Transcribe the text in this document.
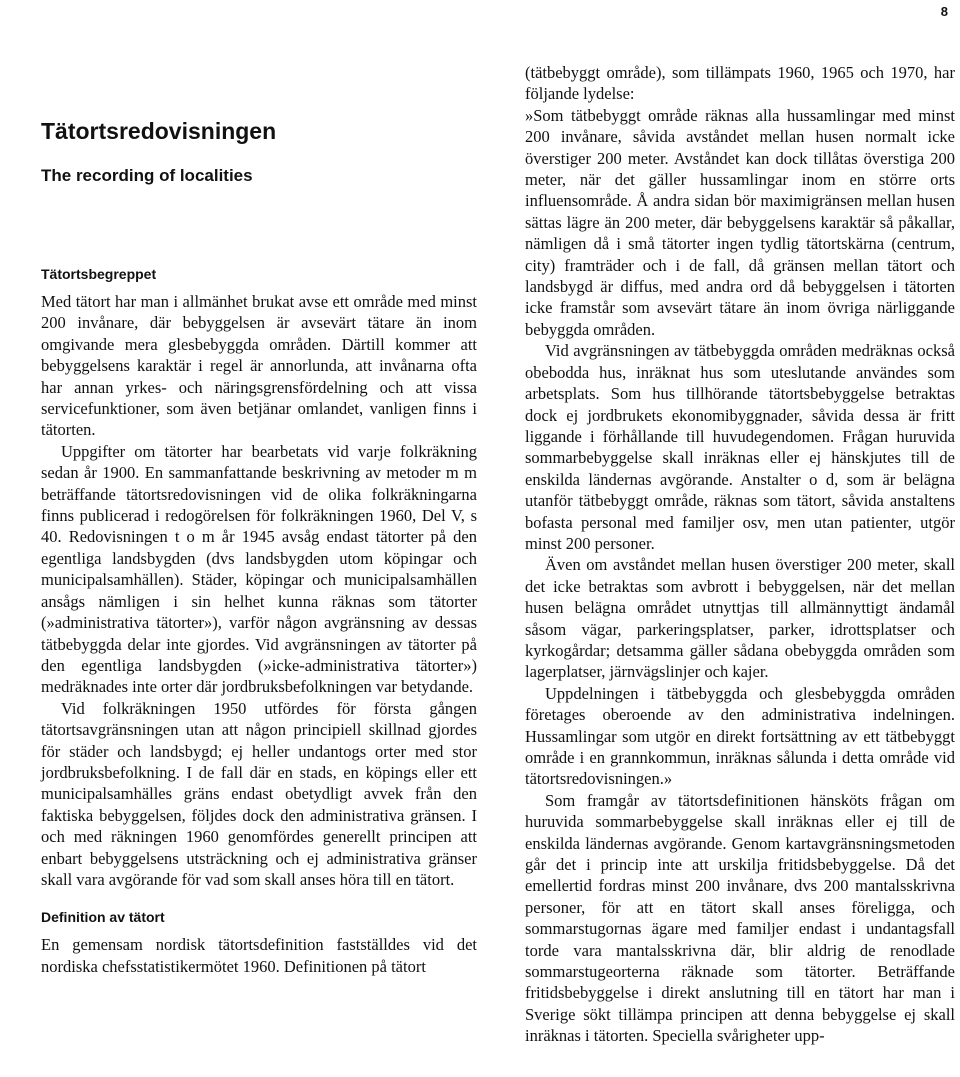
8
Tätortsredovisningen
The recording of localities
Tätortsbegreppet

Med tätort har man i allmänhet brukat avse ett område med minst 200 invånare, där bebyggelsen är avsevärt tätare än inom omgivande mera glesbebyggda områden. Därtill kommer att bebyggelsens karaktär i regel är annorlunda, att invånarna ofta har annan yrkes- och näringsgrensfördelning och att vissa servicefunktioner, som även betjänar omlandet, vanligen finns i tätorten.

Uppgifter om tätorter har bearbetats vid varje folkräkning sedan år 1900. En sammanfattande beskrivning av metoder m m beträffande tätortsredovisningen vid de olika folkräkningarna finns publicerad i redogörelsen för folkräkningen 1960, Del V, s 40. Redovisningen t o m år 1945 avsåg endast tätorter på den egentliga landsbygden (dvs landsbygden utom köpingar och municipalsamhällen). Städer, köpingar och municipalsamhällen ansågs nämligen i sin helhet kunna räknas som tätorter (»administrativa tätorter»), varför någon avgränsning av dessas tätbebyggda delar inte gjordes. Vid avgränsningen av tätorter på den egentliga landsbygden (»icke-administrativa tätorter») medräknades inte orter där jordbruksbefolkningen var betydande.

Vid folkräkningen 1950 utfördes för första gången tätortsavgränsningen utan att någon principiell skillnad gjordes för städer och landsbygd; ej heller undantogs orter med stor jordbruksbefolkning. I de fall där en stads, en köpings eller ett municipalsamhälles gräns endast obetydligt avvek från den faktiska bebyggelsen, följdes dock den administrativa gränsen. I och med räkningen 1960 genomfördes generellt principen att enbart bebyggelsens utsträckning och ej administrativa gränser skall vara avgörande för vad som skall anses höra till en tätort.

Definition av tätort

En gemensam nordisk tätortsdefinition fastställdes vid det nordiska chefsstatistikermötet 1960. Definitionen på tätort

(tätbebyggt område), som tillämpats 1960, 1965 och 1970, har följande lydelse:

»Som tätbebyggt område räknas alla hussamlingar med minst 200 invånare, såvida avståndet mellan husen normalt icke överstiger 200 meter. Avståndet kan dock tillåtas överstiga 200 meter, när det gäller hussamlingar inom en större orts influensområde. Å andra sidan bör maximigränsen mellan husen sättas lägre än 200 meter, där bebyggelsens karaktär så påkallar, nämligen då i små tätorter ingen tydlig tätortskärna (centrum, city) framträder och i de fall, då gränsen mellan tätort och landsbygd är diffus, med andra ord då bebyggelsen i tätorten icke framstår som avsevärt tätare än inom övriga närliggande bebyggda områden.

Vid avgränsningen av tätbebyggda områden medräknas också obebodda hus, inräknat hus som uteslutande användes som arbetsplats. Som hus tillhörande tätortsbebyggelse betraktas dock ej jordbrukets ekonomibyggnader, såvida dessa är fritt liggande i förhållande till huvudegendomen. Frågan huruvida sommarbebyggelse skall inräknas eller ej hänskjutes till de enskilda ländernas avgörande. Anstalter o d, som är belägna utanför tätbebyggt område, räknas som tätort, såvida anstaltens bofasta personal med familjer osv, men utan patienter, utgör minst 200 personer.

Även om avståndet mellan husen överstiger 200 meter, skall det icke betraktas som avbrott i bebyggelsen, när det mellan husen belägna området utnyttjas till allmännyttigt ändamål såsom vägar, parkeringsplatser, parker, idrottsplatser och kyrkogårdar; detsamma gäller sådana obebyggda områden som lagerplatser, järnvägslinjer och kajer.

Uppdelningen i tätbebyggda och glesbebyggda områden företages oberoende av den administrativa indelningen. Hussamlingar som utgör en direkt fortsättning av ett tätbebyggt område i en grannkommun, inräknas sålunda i detta område vid tätortsredovisningen.»

Som framgår av tätortsdefinitionen hänsköts frågan om huruvida sommarbebyggelse skall inräknas eller ej till de enskilda ländernas avgörande. Genom kartavgränsningsmetoden går det i princip inte att urskilja fritidsbebyggelse. Då det emellertid fordras minst 200 invånare, dvs 200 mantalsskrivna personer, för att en tätort skall anses föreligga, och sommarstugornas ägare med familjer endast i undantagsfall torde vara mantalsskrivna där, blir aldrig de renodlade sommarstugeorterna räknade som tätorter. Beträffande fritidsbebyggelse i direkt anslutning till en tätort har man i Sverige sökt tillämpa principen att denna bebyggelse ej skall inräknas i tätorten. Speciella svårigheter upp-
